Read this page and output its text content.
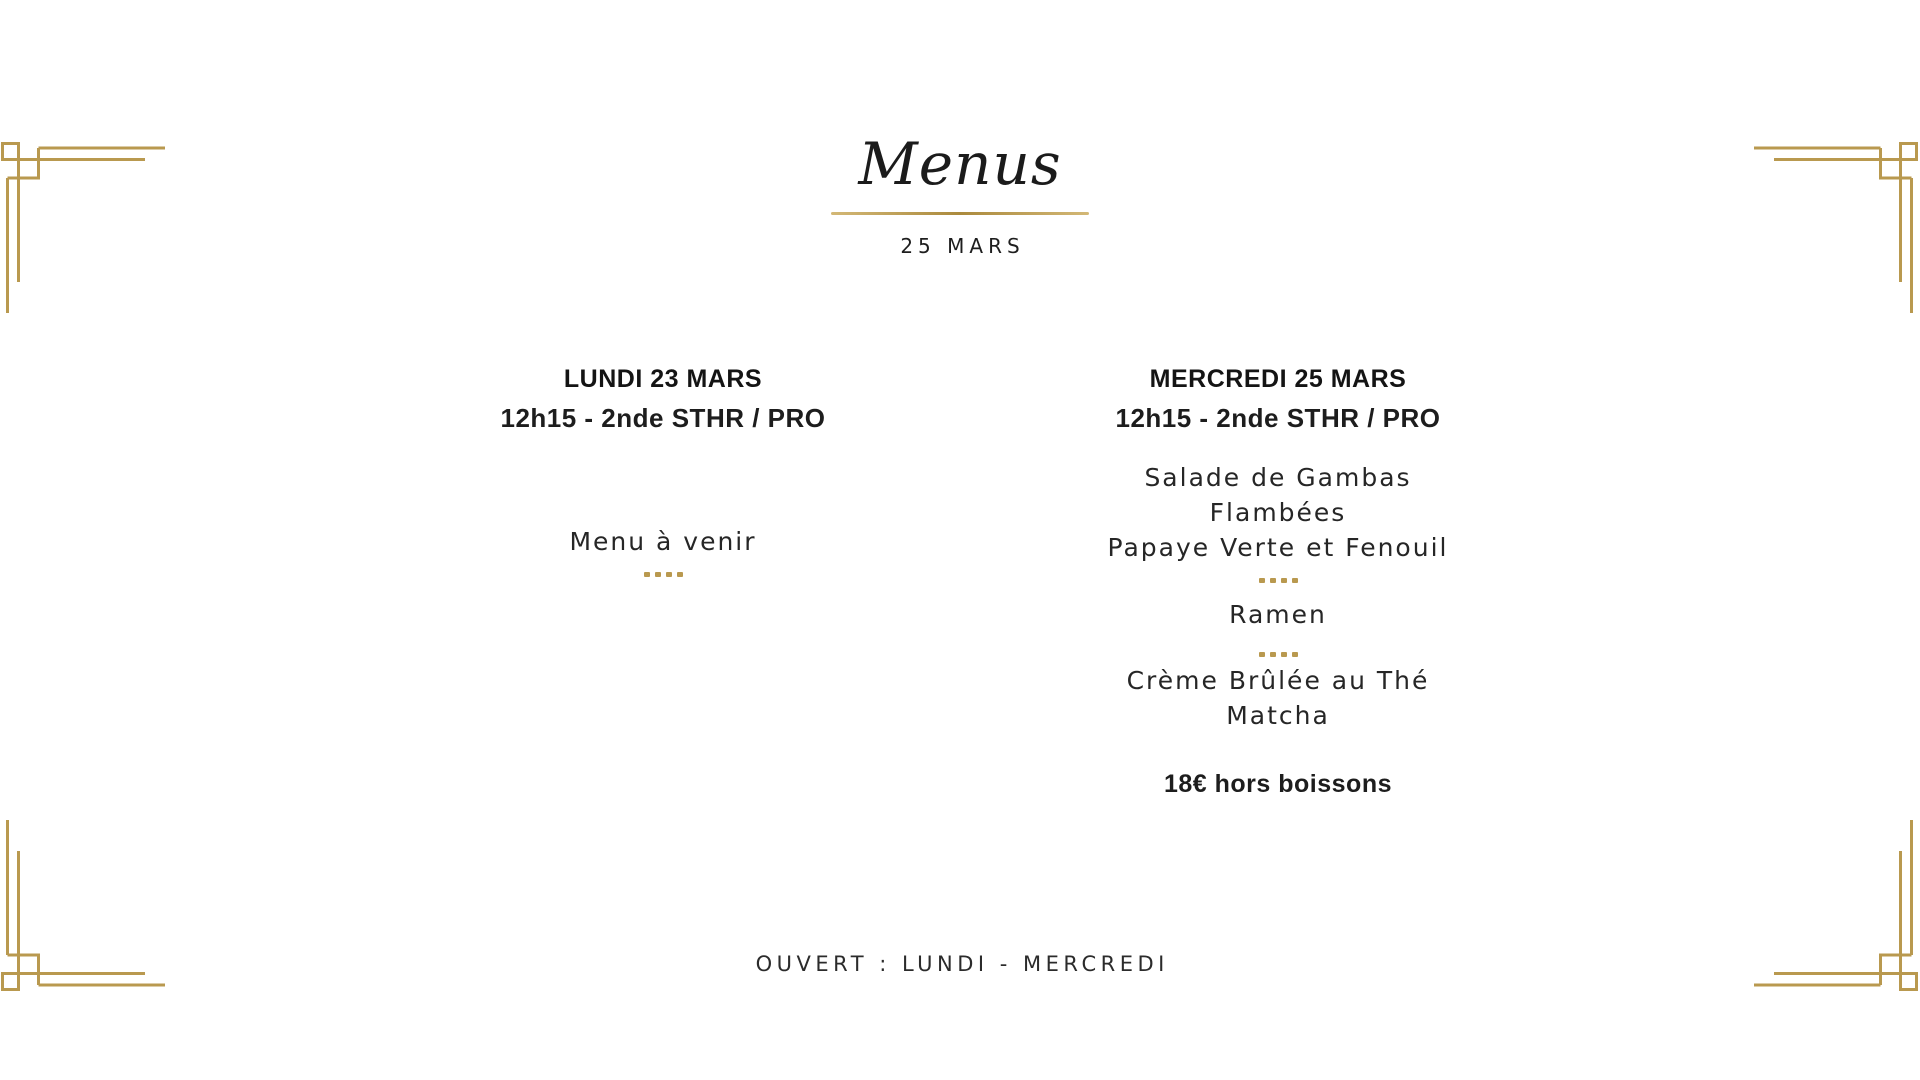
Menus
25 MARS
LUNDI 23 MARS
12h15 - 2nde STHR / PRO
Menu à venir
MERCREDI 25 MARS
12h15 - 2nde STHR / PRO
Salade de Gambas
Flambées
Papaye Verte et Fenouil
Ramen
Crème Brûlée au Thé
Matcha
18€ hors boissons
OUVERT : LUNDI - MERCREDI
